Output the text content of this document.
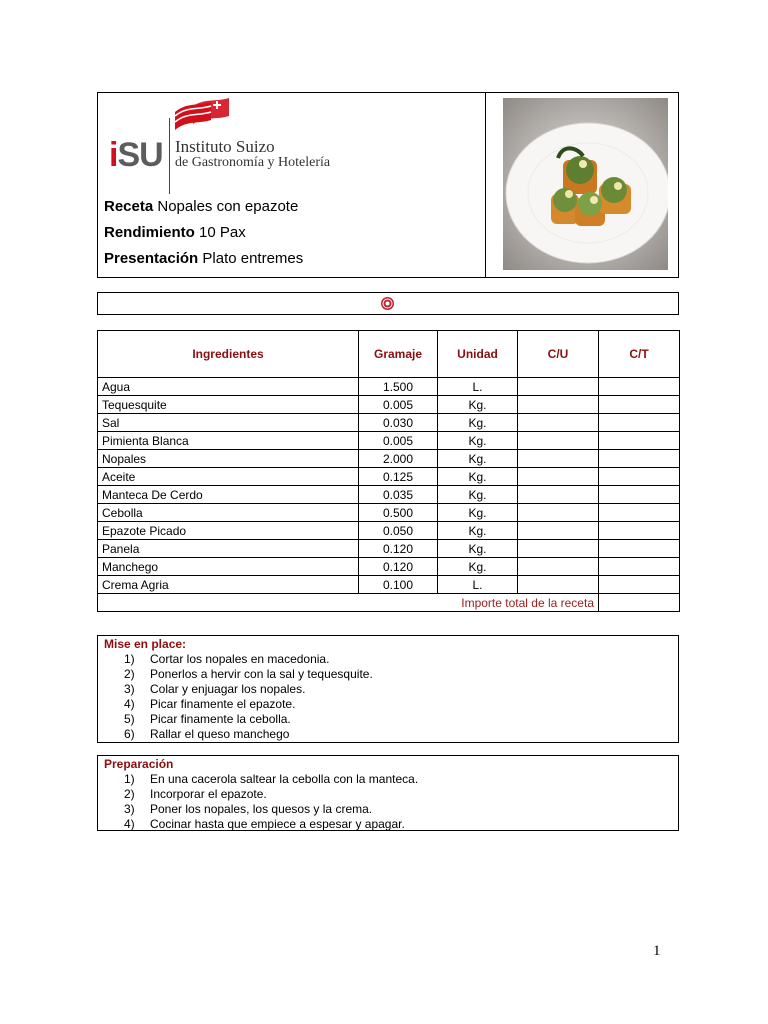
iSU Instituto Suizo
de Gastronomía y Hotelería
Receta Nopales con epazote
Rendimiento 10 Pax
Presentación Plato entremes
Ingredientes	Gramaje	Unidad	C/U	C/T
Agua	1.500	L.		
Tequesquite	0.005	Kg.		
Sal	0.030	Kg.		
Pimienta Blanca	0.005	Kg.		
Nopales	2.000	Kg.		
Aceite	0.125	Kg.		
Manteca De Cerdo	0.035	Kg.		
Cebolla	0.500	Kg.		
Epazote Picado	0.050	Kg.		
Panela	0.120	Kg.		
Manchego	0.120	Kg.		
Crema Agria	0.100	L.		
Importe total de la receta				
Mise en place:
1) Cortar los nopales en macedonia.
2) Ponerlos a hervir con la sal y tequesquite.
3) Colar y enjuagar los nopales.
4) Picar finamente el epazote.
5) Picar finamente la cebolla.
6) Rallar el queso manchego
Preparación
1) En una cacerola saltear la cebolla con la manteca.
2) Incorporar el epazote.
3) Poner los nopales, los quesos y la crema.
4) Cocinar hasta que empiece a espesar y apagar.
1
